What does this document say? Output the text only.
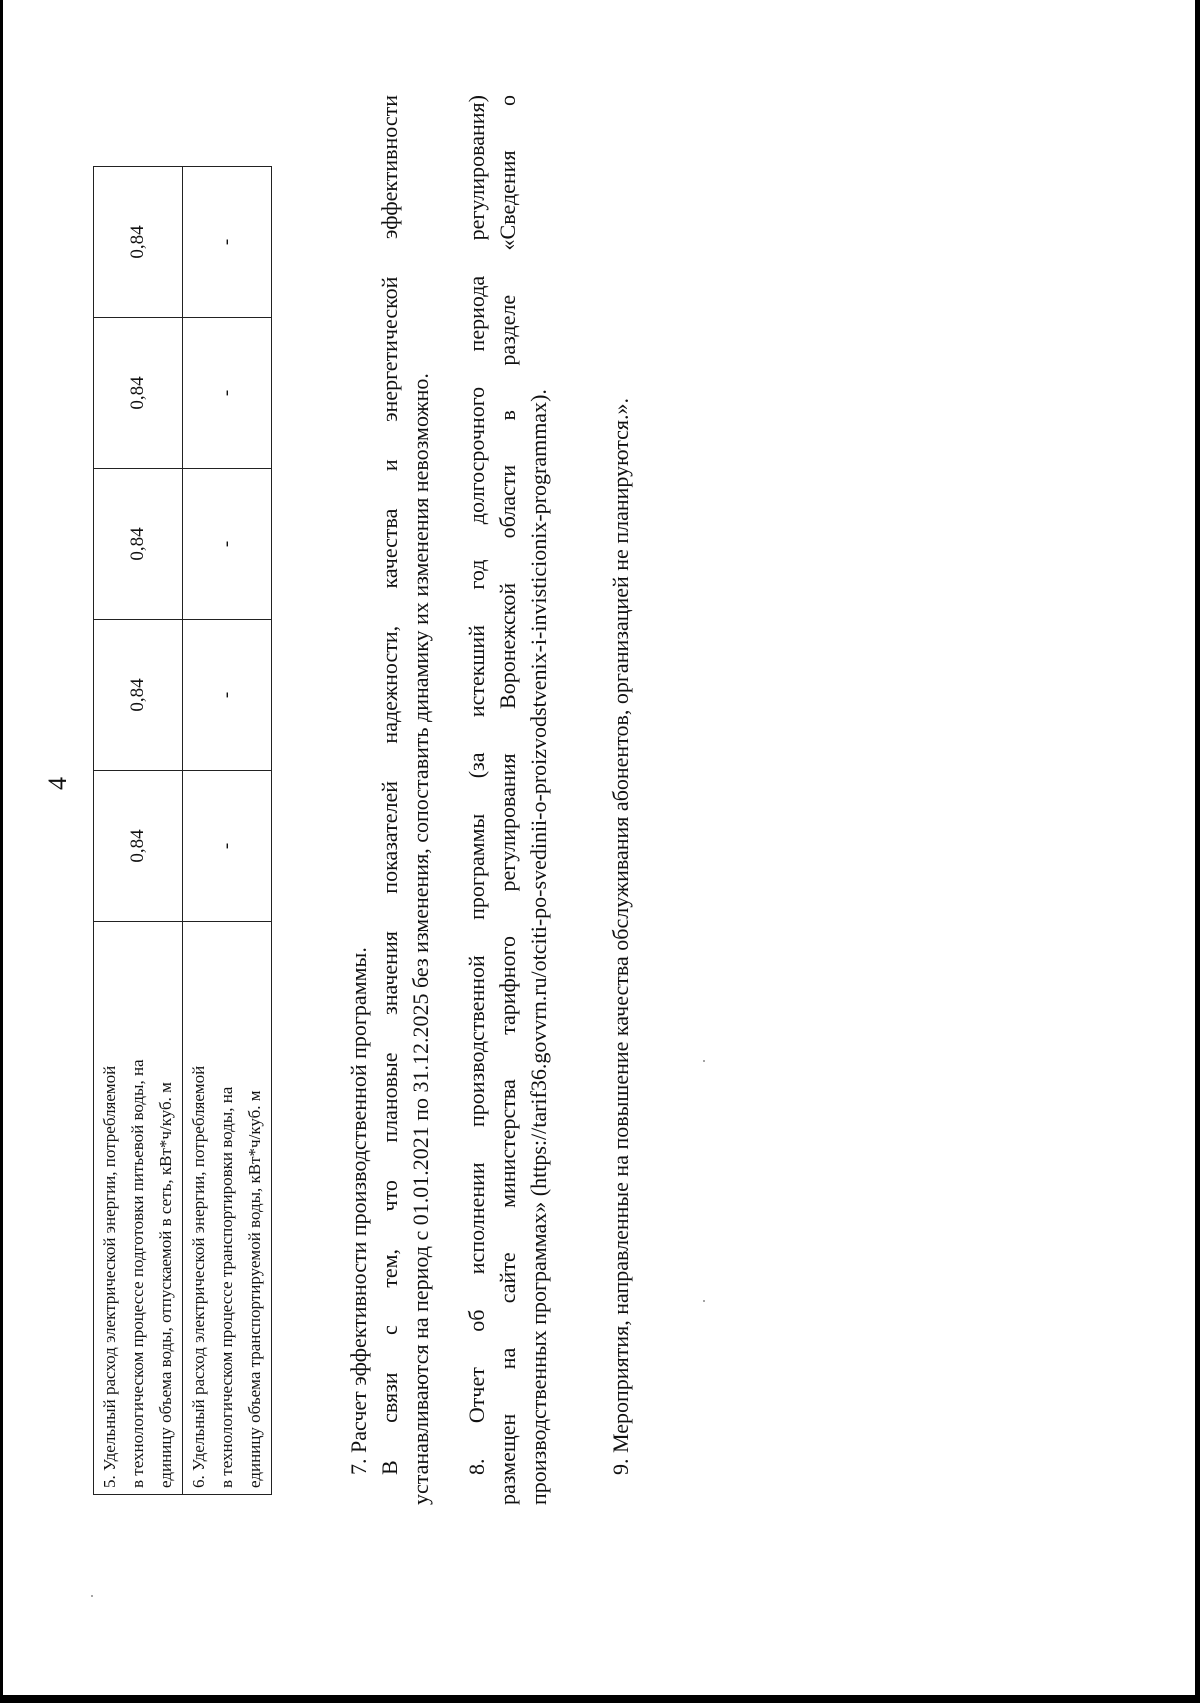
4
5. Удельный расход электрической энергии, потребляемой в технологическом процессе подготовки питьевой воды, на единицу объема воды, отпускаемой в сеть, кВт*ч/куб. м	0,84	0,84	0,84	0,84	0,84

6. Удельный расход электрической энергии, потребляемой в технологическом процессе транспортировки воды, на единицу объема транспортируемой воды, кВт*ч/куб. м	-	-	-	-	-
7. Расчет эффективности производственной программы. В связи с тем, что плановые значения показателей надежности, качества и энергетической эффективности устанавливаются на период с 01.01.2021 по 31.12.2025 без изменения, сопоставить динамику их изменения невозможно. 8. Отчет об исполнении производственной программы (за истекший год долгосрочного периода регулирования) размещен на сайте министерства тарифного регулирования Воронежской области в разделе «Сведения о производственных программах» (https://tarif36.govvrn.ru/otciti-po-svedinii-o-proizvodstvenix-i-invisticionix-programmax).	9. Мероприятия, направленные на повышение качества обслуживания абонентов, организацией не планируются.».
